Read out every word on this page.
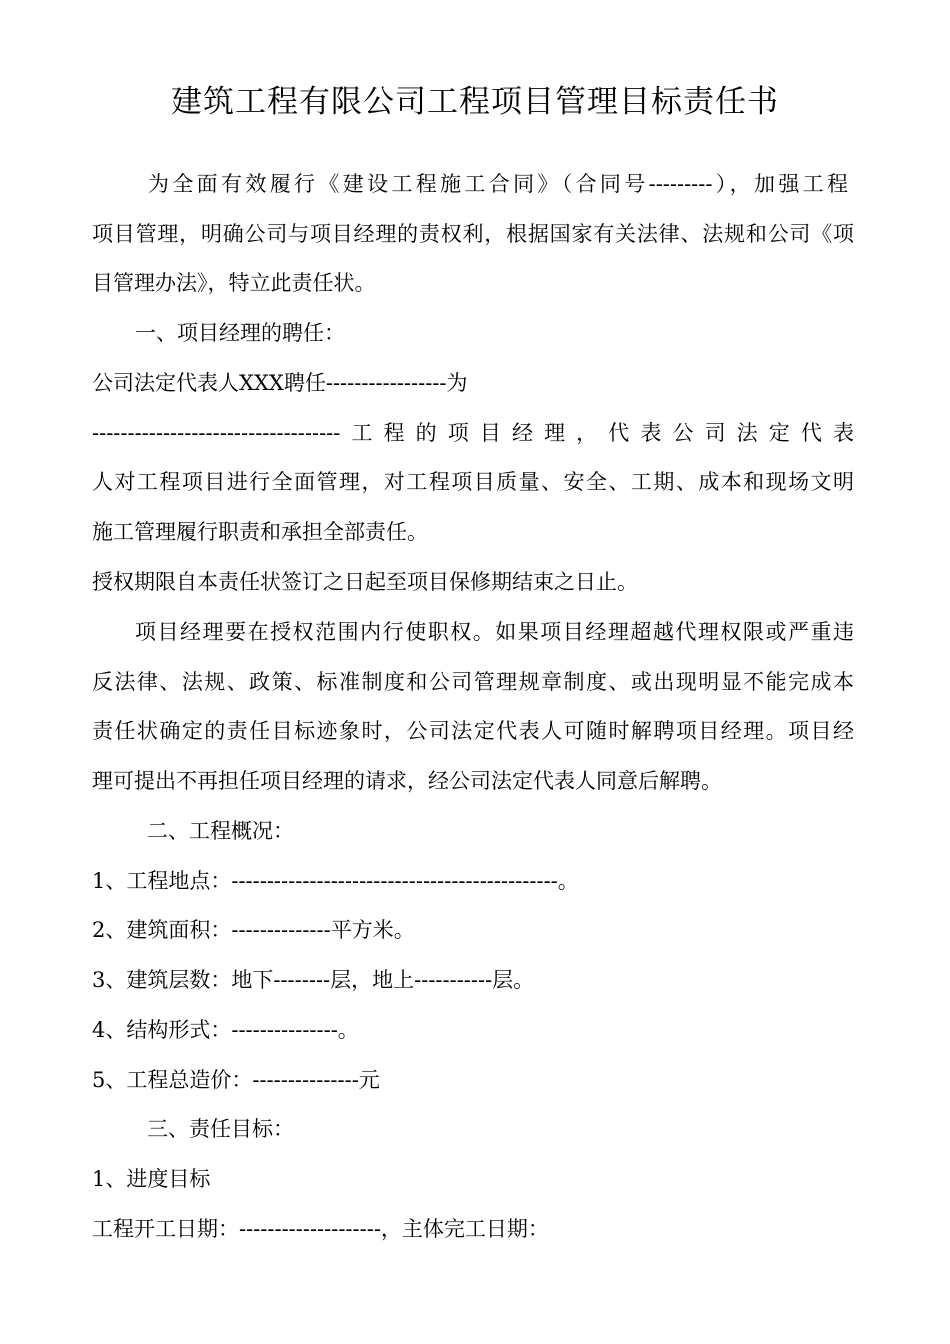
建筑工程有限公司工程项目管理目标责任书
为全面有效履行《建设工程施工合同》（合同号---------），加强工程
项目管理，明确公司与项目经理的责权利，根据国家有关法律、法规和公司《项
目管理办法》，特立此责任状。
一、项目经理的聘任：
公司法定代表人XXX聘任-----------------为
-----------------------------------工程的项目经理，代表公司法定代表
人对工程项目进行全面管理，对工程项目质量、安全、工期、成本和现场文明
施工管理履行职责和承担全部责任。
授权期限自本责任状签订之日起至项目保修期结束之日止。
项目经理要在授权范围内行使职权。如果项目经理超越代理权限或严重违
反法律、法规、政策、标准制度和公司管理规章制度、或出现明显不能完成本
责任状确定的责任目标迹象时，公司法定代表人可随时解聘项目经理。项目经
理可提出不再担任项目经理的请求，经公司法定代表人同意后解聘。
二、工程概况：
1、工程地点：----------------------------------------------。
2、建筑面积：--------------平方米。
3、建筑层数：地下--------层，地上-----------层。
4、结构形式：---------------。
5、工程总造价：---------------元
三、责任目标：
1、进度目标
工程开工日期：--------------------，主体完工日期：
